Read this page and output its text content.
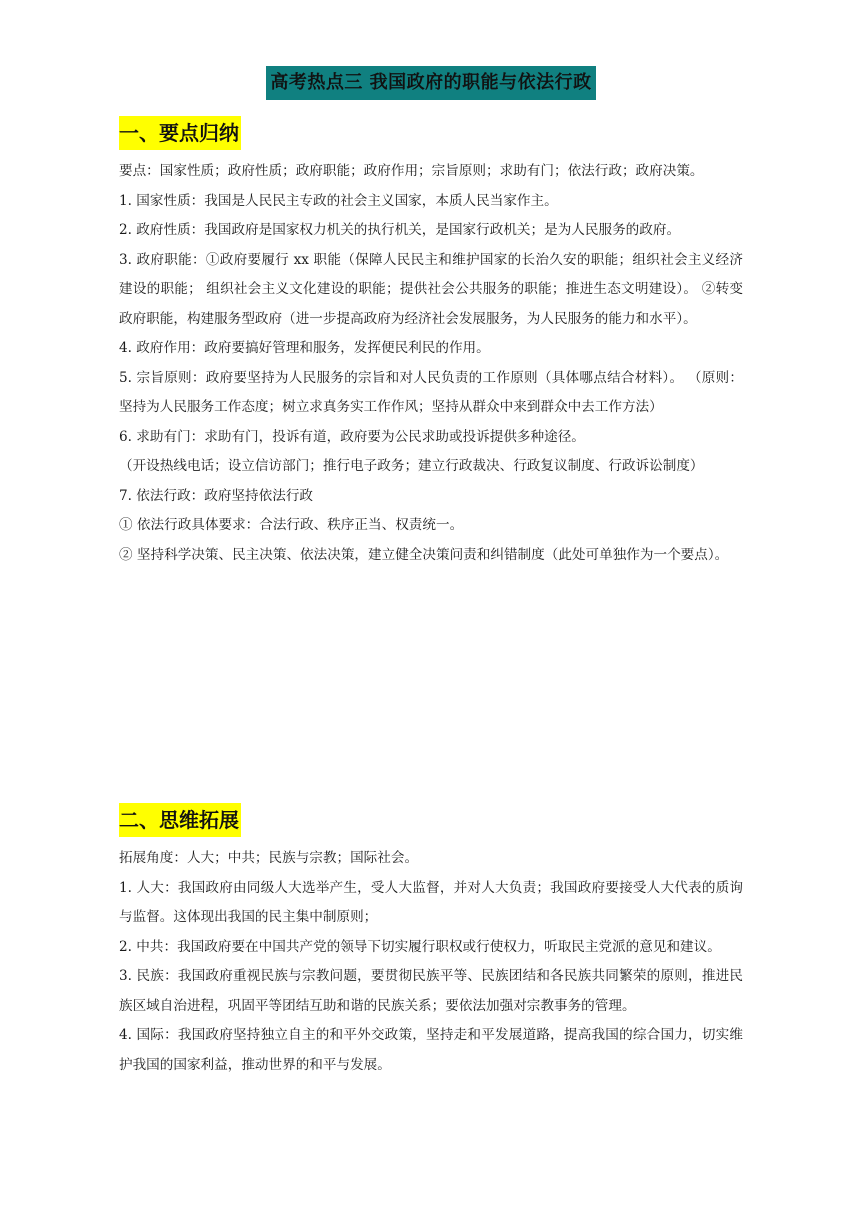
高考热点三 我国政府的职能与依法行政
一、要点归纳

要点：国家性质；政府性质；政府职能；政府作用；宗旨原则；求助有门；依法行政；政府决策。

1. 国家性质：我国是人民民主专政的社会主义国家，本质人民当家作主。

2. 政府性质：我国政府是国家权力机关的执行机关，是国家行政机关；是为人民服务的政府。

3. 政府职能：①政府要履行 xx 职能（保障人民民主和维护国家的长治久安的职能；组织社会主义经济建设的职能； 组织社会主义文化建设的职能；提供社会公共服务的职能；推进生态文明建设）。 ②转变政府职能，构建服务型政府（进一步提高政府为经济社会发展服务，为人民服务的能力和水平）。

4. 政府作用：政府要搞好管理和服务，发挥便民利民的作用。

5. 宗旨原则：政府要坚持为人民服务的宗旨和对人民负责的工作原则（具体哪点结合材料）。 （原则：坚持为人民服务工作态度；树立求真务实工作作风；坚持从群众中来到群众中去工作方法）

6. 求助有门：求助有门，投诉有道，政府要为公民求助或投诉提供多种途径。

（开设热线电话；设立信访部门；推行电子政务；建立行政裁决、行政复议制度、行政诉讼制度）

7. 依法行政：政府坚持依法行政

① 依法行政具体要求：合法行政、秩序正当、权责统一。

② 坚持科学决策、民主决策、依法决策，建立健全决策问责和纠错制度（此处可单独作为一个要点）。

二、思维拓展

拓展角度：人大；中共；民族与宗教；国际社会。

1. 人大：我国政府由同级人大选举产生，受人大监督，并对人大负责；我国政府要接受人大代表的质询与监督。这体现出我国的民主集中制原则；

2. 中共：我国政府要在中国共产党的领导下切实履行职权或行使权力，听取民主党派的意见和建议。

3. 民族：我国政府重视民族与宗教问题，要贯彻民族平等、民族团结和各民族共同繁荣的原则，推进民族区域自治进程，巩固平等团结互助和谐的民族关系；要依法加强对宗教事务的管理。

4. 国际：我国政府坚持独立自主的和平外交政策，坚持走和平发展道路，提高我国的综合国力，切实维护我国的国家利益，推动世界的和平与发展。
